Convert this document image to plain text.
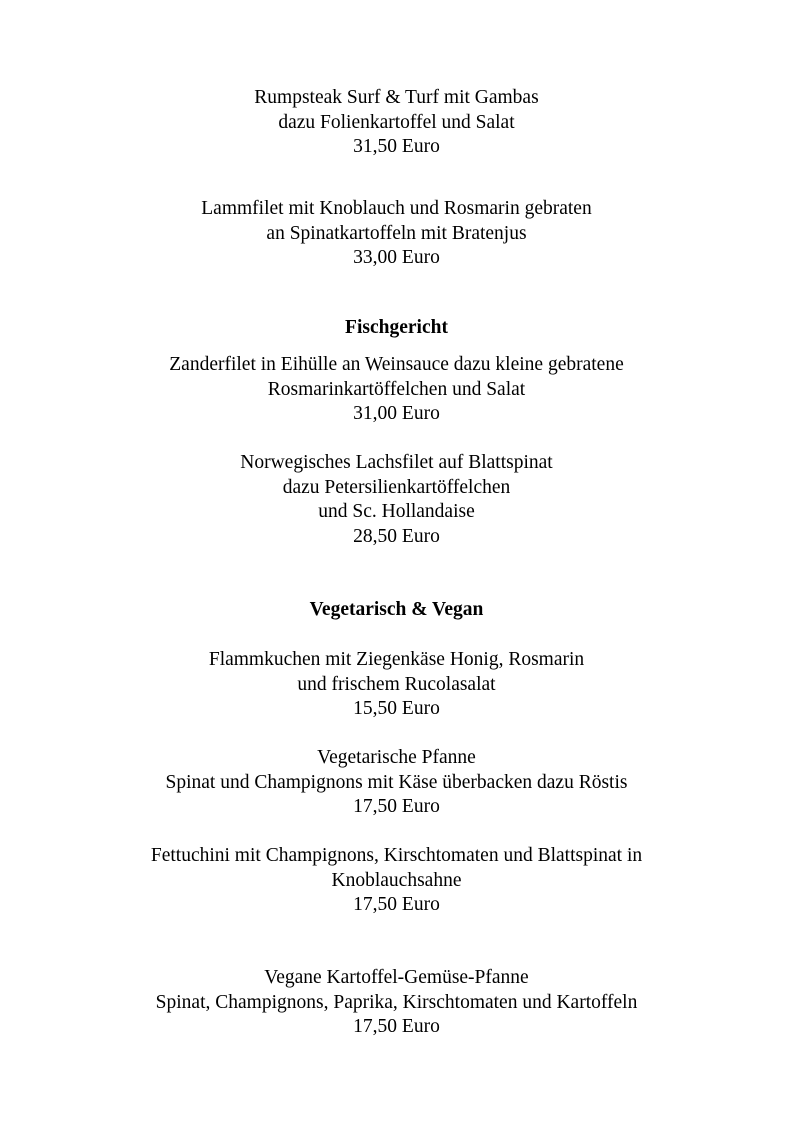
Rumpsteak Surf & Turf mit Gambas
dazu Folienkartoffel und Salat
31,50 Euro
Lammfilet mit Knoblauch und Rosmarin gebraten
an Spinatkartoffeln mit Bratenjus
33,00 Euro
Fischgericht
Zanderfilet in Eihülle an Weinsauce dazu kleine gebratene
Rosmarinkartöffelchen und Salat
31,00 Euro
Norwegisches Lachsfilet auf Blattspinat
dazu Petersilienkartöffelchen
und Sc. Hollandaise
28,50 Euro
Vegetarisch & Vegan
Flammkuchen mit Ziegenkäse Honig, Rosmarin
und frischem Rucolasalat
15,50 Euro
Vegetarische Pfanne
Spinat und Champignons mit Käse überbacken dazu Röstis
17,50 Euro
Fettuchini mit Champignons, Kirschtomaten und Blattspinat in
Knoblauchsahne
17,50 Euro
Vegane Kartoffel-Gemüse-Pfanne
Spinat, Champignons, Paprika, Kirschtomaten und Kartoffeln
17,50 Euro
